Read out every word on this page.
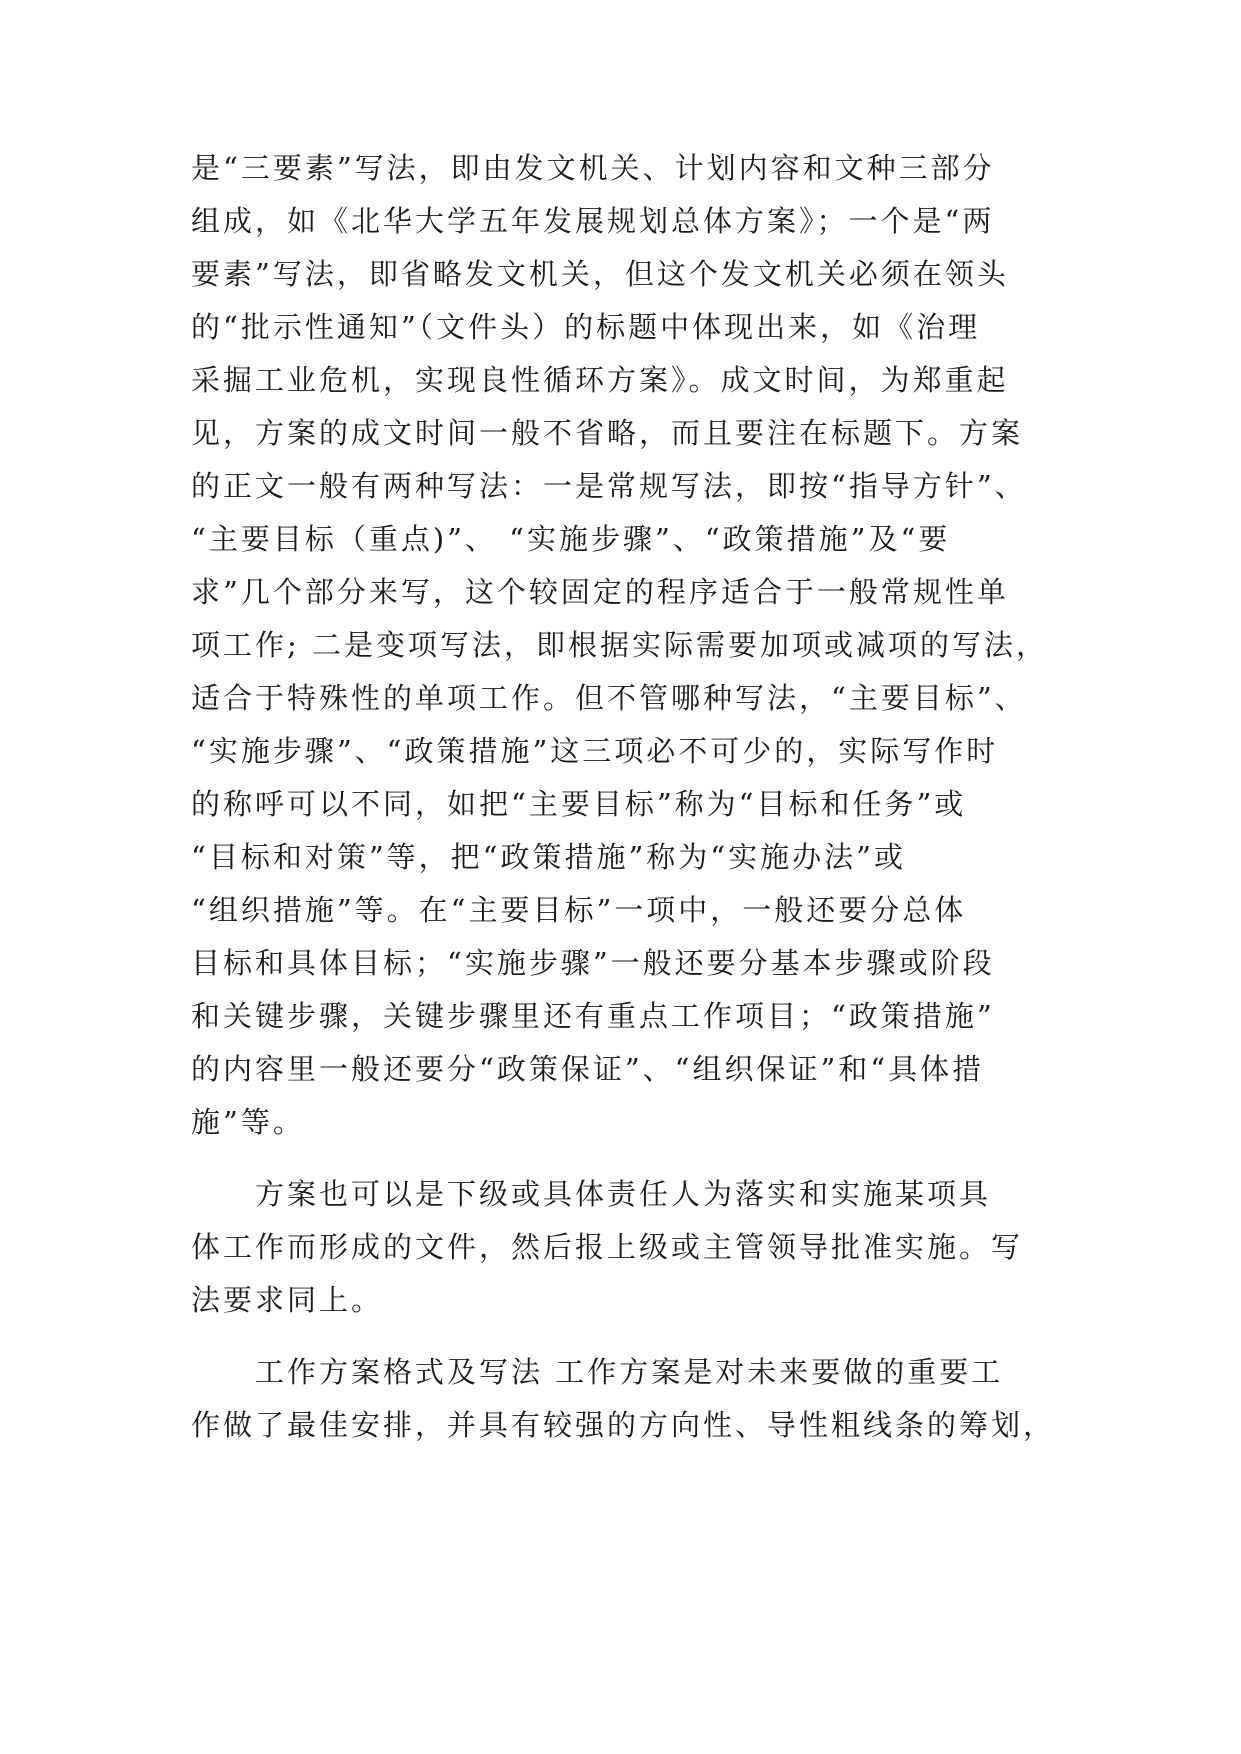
是“三要素”写法，即由发文机关、计划内容和文种三部分
组成，如《北华大学五年发展规划总体方案》；一个是“两
要素”写法，即省略发文机关，但这个发文机关必须在领头
的“批示性通知”（文件头）的标题中体现出来，如《治理
采掘工业危机，实现良性循环方案》。成文时间，为郑重起
见，方案的成文时间一般不省略，而且要注在标题下。方案
的正文一般有两种写法：一是常规写法，即按“指导方针”、
“主要目标（重点)”、 “实施步骤”、“政策措施”及“要
求”几个部分来写，这个较固定的程序适合于一般常规性单
项工作; 二是变项写法，即根据实际需要加项或减项的写法，
适合于特殊性的单项工作。但不管哪种写法，“主要目标”、
“实施步骤”、“政策措施”这三项必不可少的，实际写作时
的称呼可以不同，如把“主要目标”称为“目标和任务”或
“目标和对策”等，把“政策措施”称为“实施办法”或
“组织措施”等。在“主要目标”一项中，一般还要分总体
目标和具体目标；“实施步骤”一般还要分基本步骤或阶段
和关键步骤，关键步骤里还有重点工作项目；“政策措施”
的内容里一般还要分“政策保证”、“组织保证”和“具体措
施”等。
方案也可以是下级或具体责任人为落实和实施某项具
体工作而形成的文件，然后报上级或主管领导批准实施。写
法要求同上。
工作方案格式及写法 工作方案是对未来要做的重要工
作做了最佳安排，并具有较强的方向性、导性粗线条的筹划，
